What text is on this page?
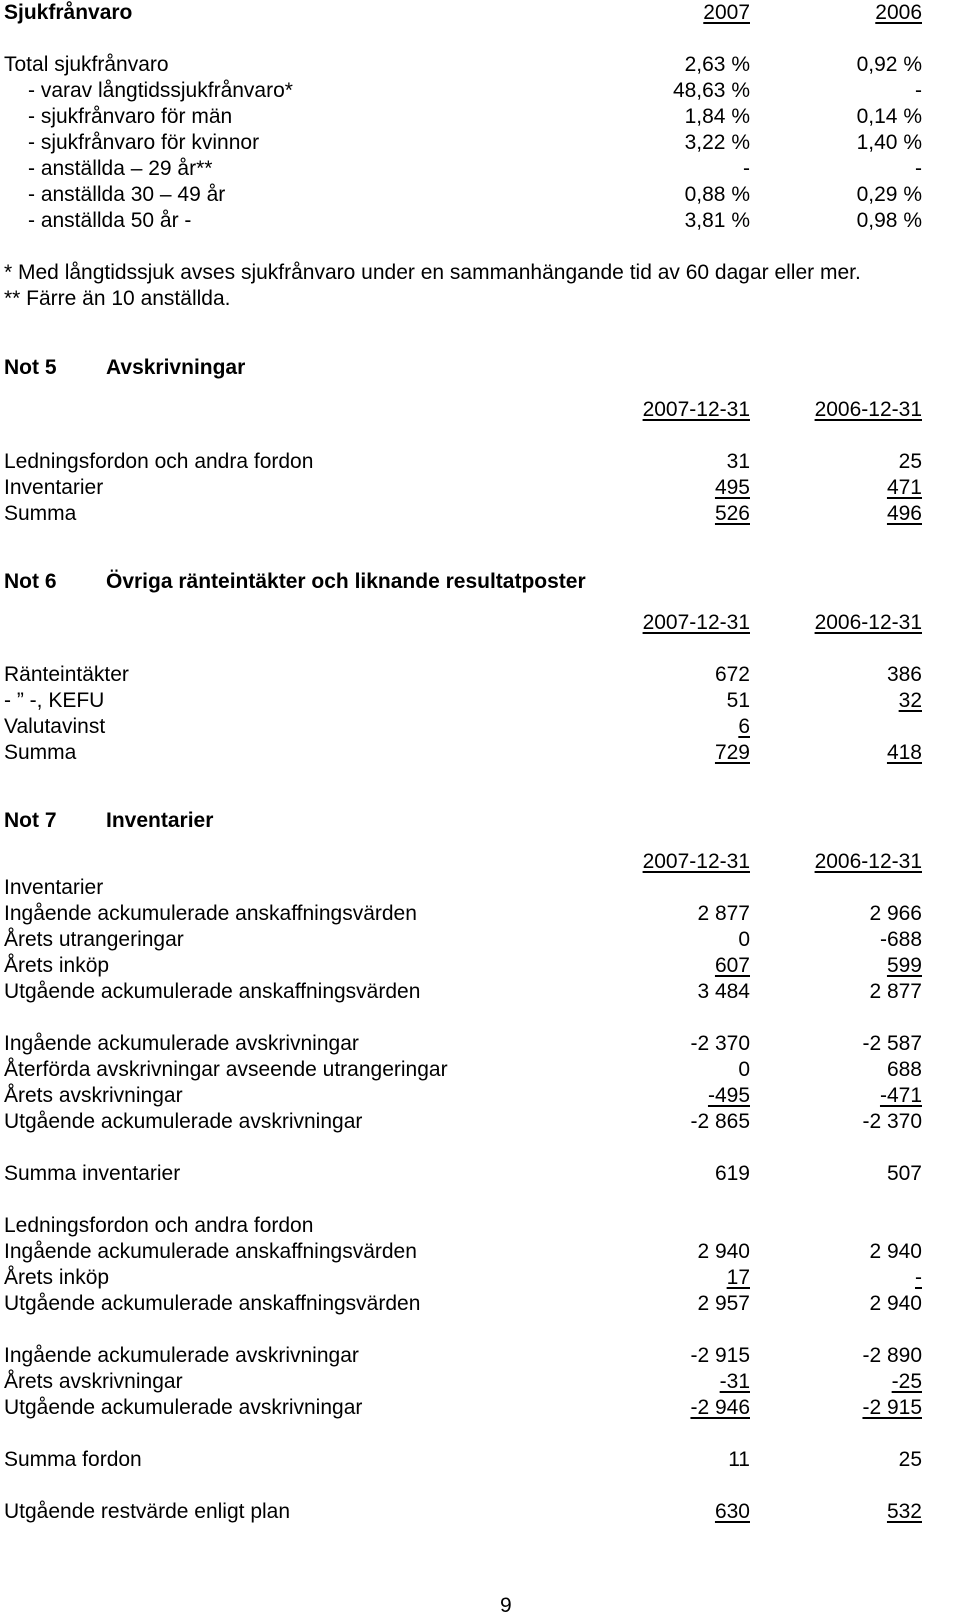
Sjukfrånvaro	2007	2006
Total sjukfrånvaro	2,63 %	0,92 %
- varav långtidssjukfrånvaro*	48,63 %	-
- sjukfrånvaro för män	1,84 %	0,14 %
- sjukfrånvaro för kvinnor	3,22 %	1,40 %
- anställda – 29 år**	-	-
- anställda 30 – 49 år	0,88 %	0,29 %
- anställda 50 år -	3,81 %	0,98 %
* Med långtidssjuk avses sjukfrånvaro under en sammanhängande tid av 60 dagar eller mer.
** Färre än 10 anställda.
Not 5 Avskrivningar
2007-12-31	2006-12-31
Ledningsfordon och andra fordon	31	25
Inventarier	495	471
Summa	526	496
Not 6 Övriga ränteintäkter och liknande resultatposter
2007-12-31	2006-12-31
Ränteintäkter	672	386
- ” -, KEFU	51	32
Valutavinst	6
Summa	729	418
Not 7 Inventarier
2007-12-31	2006-12-31
Inventarier
Ingående ackumulerade anskaffningsvärden	2 877	2 966
Årets utrangeringar	0	-688
Årets inköp	607	599
Utgående ackumulerade anskaffningsvärden	3 484	2 877
Ingående ackumulerade avskrivningar	-2 370	-2 587
Återförda avskrivningar avseende utrangeringar	0	688
Årets avskrivningar	-495	-471
Utgående ackumulerade avskrivningar	-2 865	-2 370
Summa inventarier	619	507
Ledningsfordon och andra fordon
Ingående ackumulerade anskaffningsvärden	2 940	2 940
Årets inköp	17	-
Utgående ackumulerade anskaffningsvärden	2 957	2 940
Ingående ackumulerade avskrivningar	-2 915	-2 890
Årets avskrivningar	-31	-25
Utgående ackumulerade avskrivningar	-2 946	-2 915
Summa fordon	11	25
Utgående restvärde enligt plan	630	532
9
